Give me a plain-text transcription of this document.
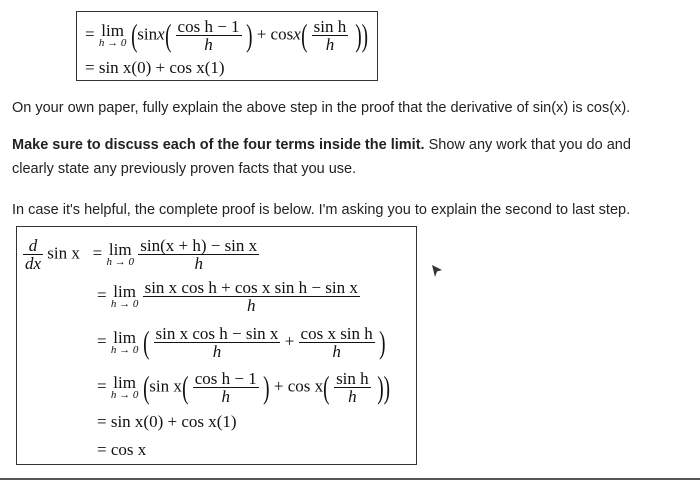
= lim
h → 0 ($\sin x( \frac{\text{cos h − 1}}{h}$ ) + $\cos x( \frac{\text{sin h}}{h}$ ))
= sin x(0) + cos x(1)
On your own paper, fully explain the above step in the proof that the derivative of sin(x) is cos(x).
Make sure to discuss each of the four terms inside the limit. Show any work that you do and
clearly state any previously proven facts that you use.
In case it's helpful, the complete proof is below. I'm asking you to explain the second to last step.
$\frac{d}{dx}$ sin x = lim
h → 0
$\frac{\text{sin(x + h) − sin x}}{h}$
= lim
h → 0
$\frac{\text{sin x cos h + cos x sin h − sin x}}{h}$
= lim
h → 0 ( $\frac{\text{sin x cos h − sin x}}{h} + \frac{\text{cos x sin h}}{h}$ )
= lim
h → 0 (sin $x( \frac{\text{cos h − 1}}{h}$ ) + $\cos x( \frac{\text{sin h}}{h}$ ))
= sin x(0) + cos x(1)
= cos x
